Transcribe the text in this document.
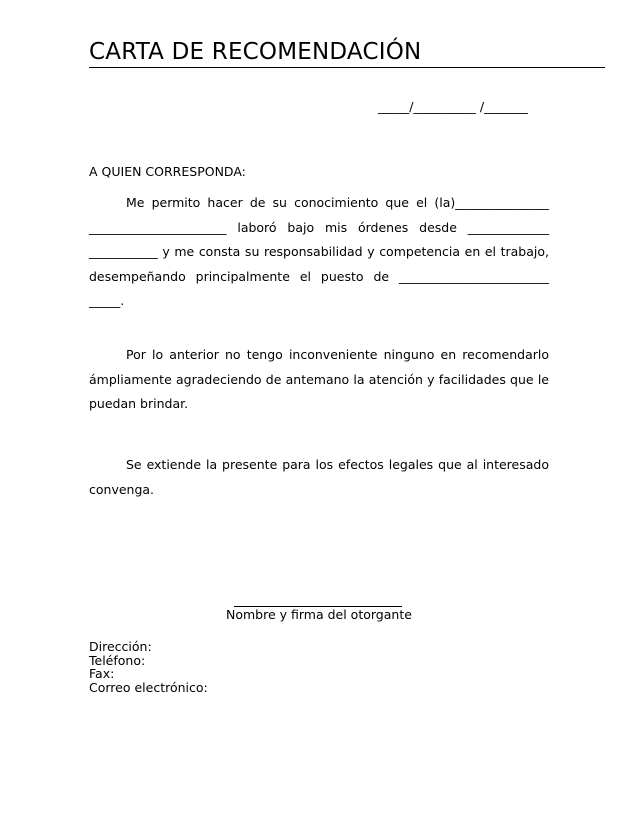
CARTA DE RECOMENDACIÓN
_____/__________ /_______
A QUIEN CORRESPONDA:
Me permito hacer de su conocimiento que el (la)_______________
______________________ laboró bajo mis órdenes desde _____________
___________ y me consta su responsabilidad y competencia en el trabajo,
desempeñando principalmente el puesto de ________________________
_____.
Por lo anterior no tengo inconveniente ninguno en recomendarlo
ámpliamente agradeciendo de antemano la atención y facilidades que le
puedan brindar.
Se extiende la presente para los efectos legales que al interesado
convenga.
Nombre y firma del otorgante
Dirección:
Teléfono:
Fax:
Correo electrónico:
